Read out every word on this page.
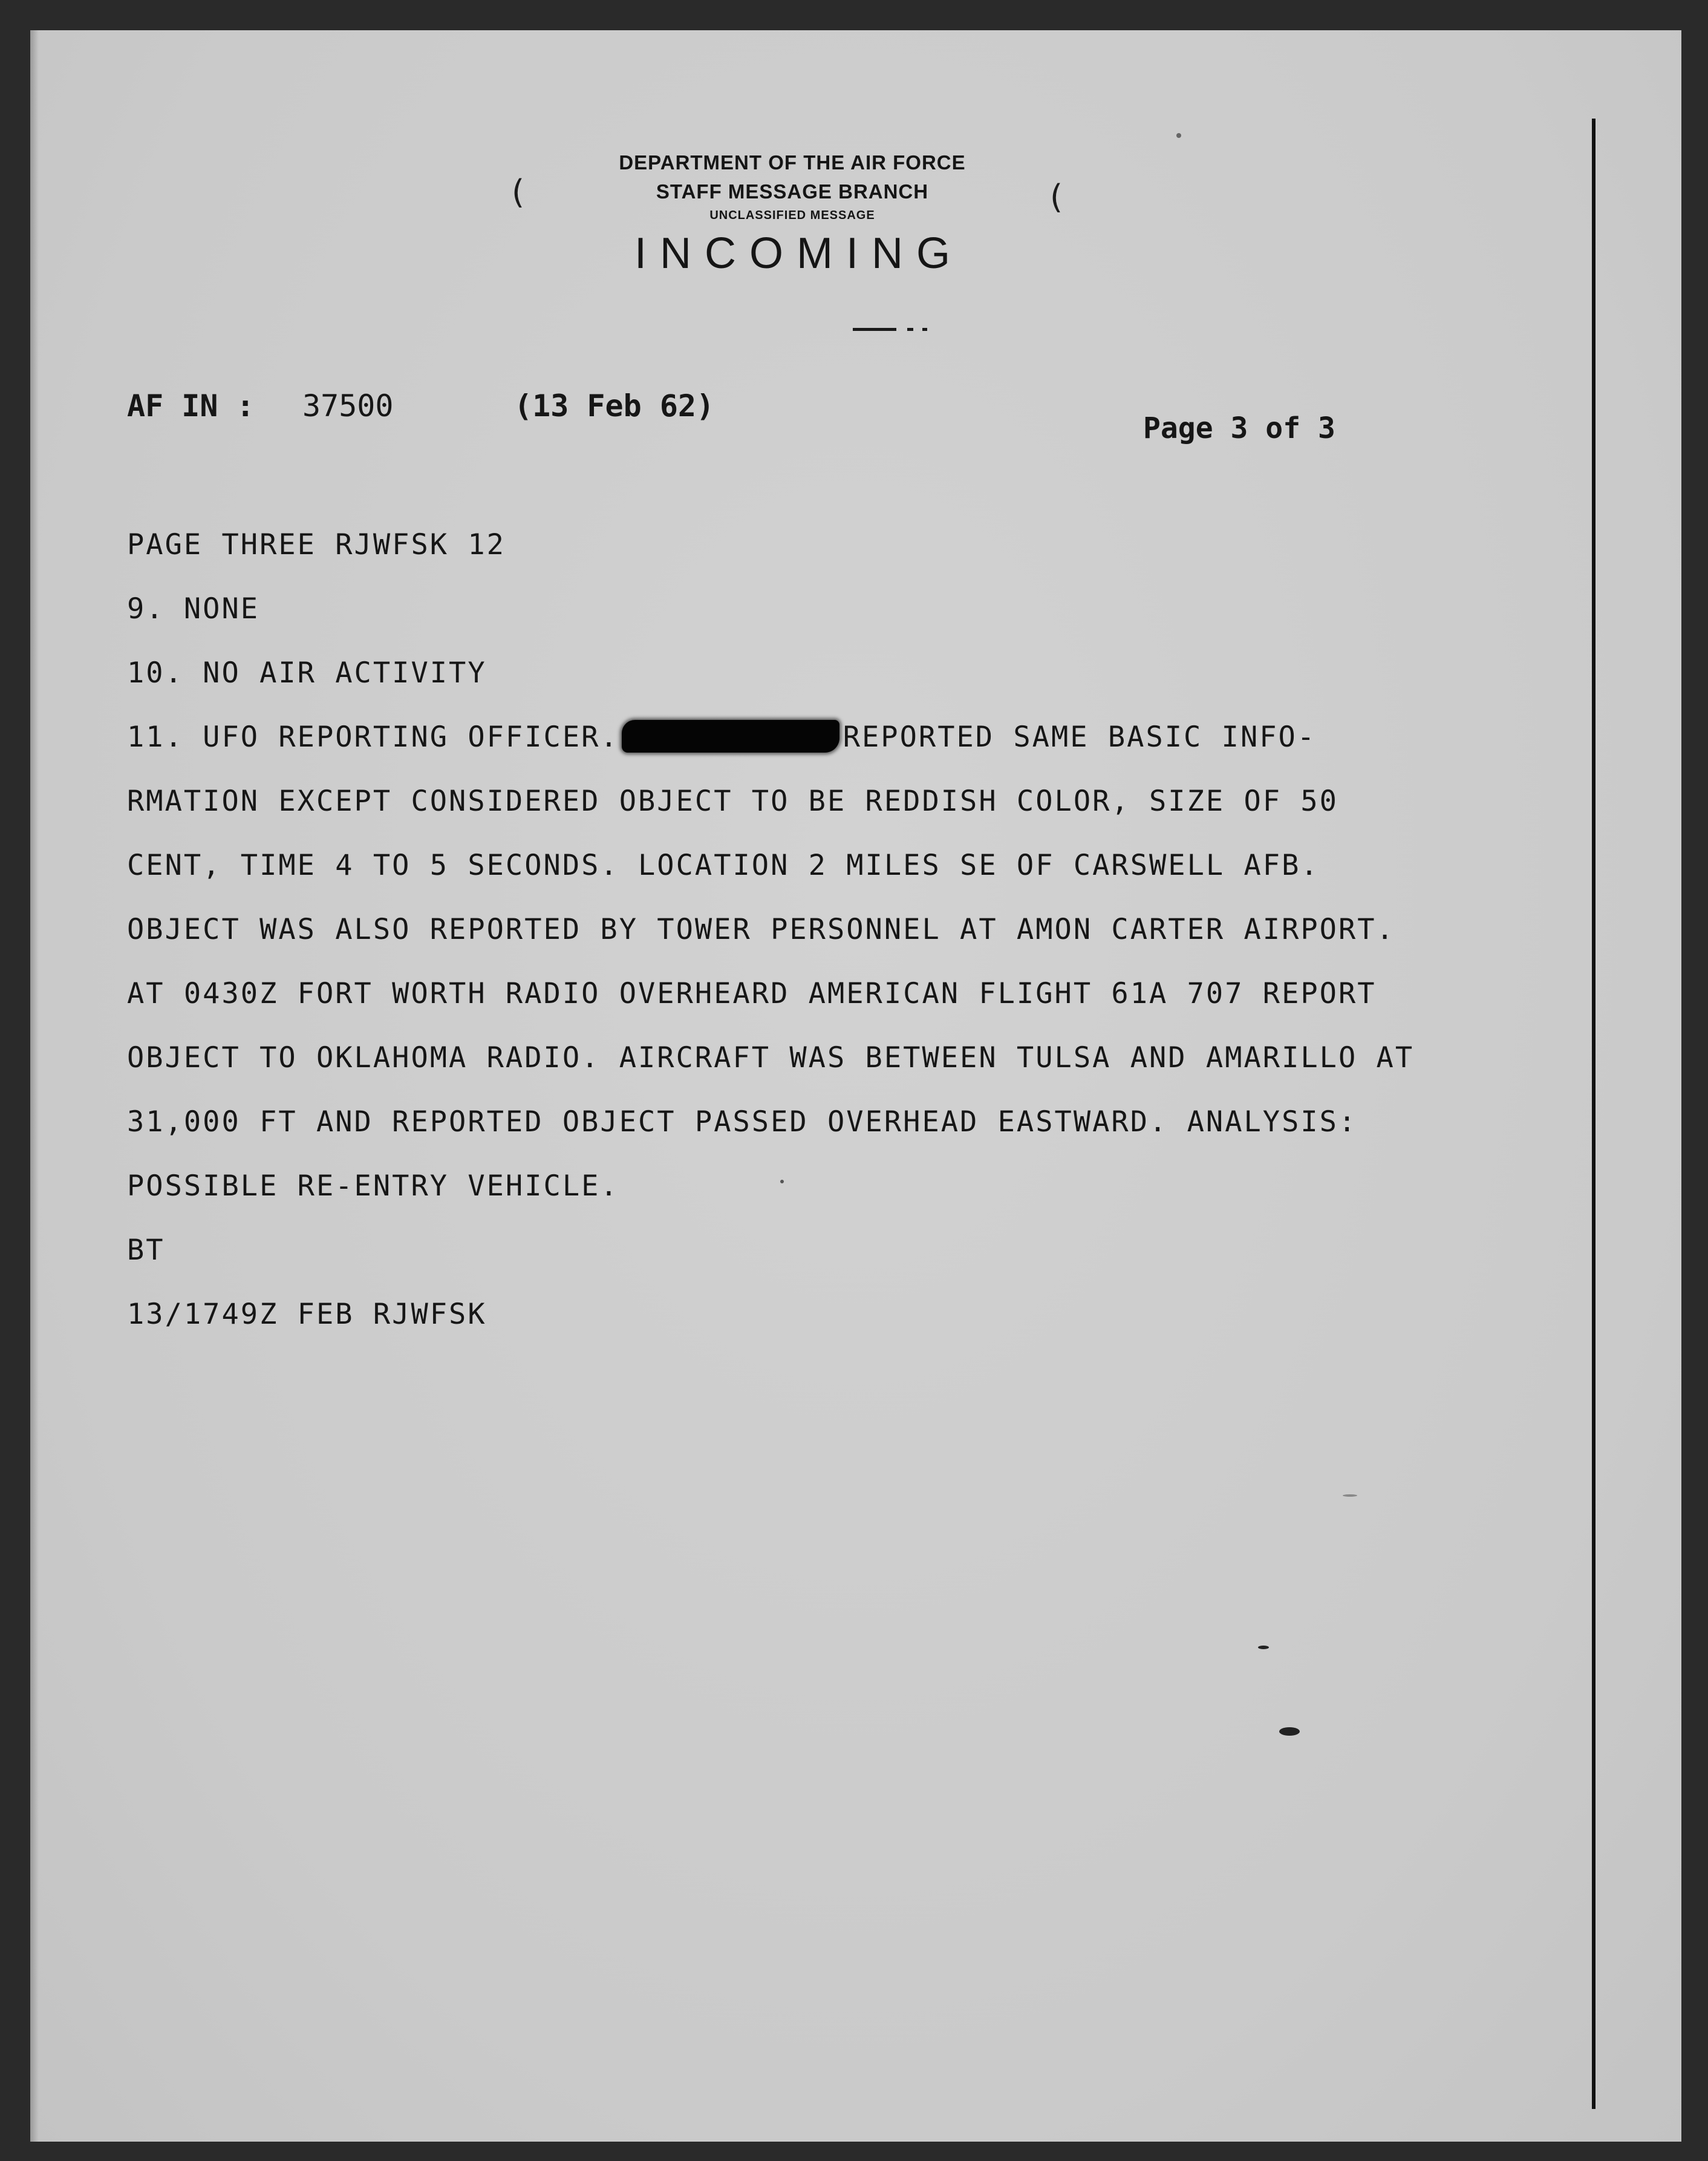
(	(
DEPARTMENT OF THE AIR FORCE
STAFF MESSAGE BRANCH
UNCLASSIFIED MESSAGE
INCOMING

AF IN :

37500

	(13 Feb 62)

Page 3 of 3
PAGE THREE RJWFSK 12
9. NONE
10. NO AIR ACTIVITY
11. UFO REPORTING OFFICER.	REPORTED SAME BASIC INFO-
RMATION EXCEPT CONSIDERED OBJECT TO BE REDDISH COLOR, SIZE OF 50
CENT, TIME 4 TO 5 SECONDS. LOCATION 2 MILES SE OF CARSWELL AFB.
OBJECT WAS ALSO REPORTED BY TOWER PERSONNEL AT AMON CARTER AIRPORT.
AT 0430Z FORT WORTH RADIO OVERHEARD AMERICAN FLIGHT 61A 707 REPORT
OBJECT TO OKLAHOMA RADIO. AIRCRAFT WAS BETWEEN TULSA AND AMARILLO AT
31,000 FT AND REPORTED OBJECT PASSED OVERHEAD EASTWARD. ANALYSIS:
POSSIBLE RE-ENTRY VEHICLE.
BT
13/1749Z FEB RJWFSK
